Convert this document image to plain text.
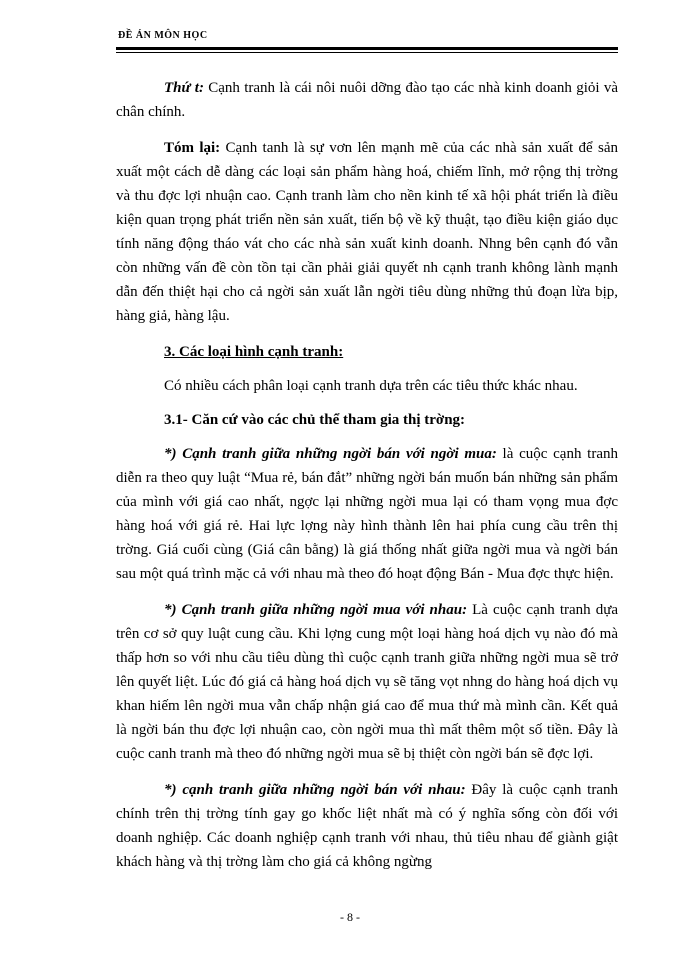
ĐỀ ÁN MÔN HỌC

Thứ t: Cạnh tranh là cái nôi nuôi dỡng đào tạo các nhà kinh doanh giỏi và chân chính.

Tóm lại: Cạnh tanh là sự vơn lên mạnh mẽ của các nhà sản xuất để sản xuất một cách dễ dàng các loại sản phẩm hàng hoá, chiếm lĩnh, mở rộng thị trờng và thu đợc lợi nhuận cao. Cạnh tranh làm cho nền kinh tế xã hội phát triển là điều kiện quan trọng phát triển nền sản xuất, tiến bộ về kỹ thuật, tạo điều kiện giáo dục tính năng động tháo vát cho các nhà sản xuất kinh doanh. Nhng bên cạnh đó vẫn còn những vấn đề còn tồn tại cần phải giải quyết nh cạnh tranh không lành mạnh dẫn đến thiệt hại cho cả ngời sản xuất lẫn ngời tiêu dùng những thủ đoạn lừa bịp, hàng giả, hàng lậu.

3. Các loại hình cạnh tranh:

Có nhiều cách phân loại cạnh tranh dựa trên các tiêu thức khác nhau.

3.1- Căn cứ vào các chủ thể tham gia thị trờng:

*) Cạnh tranh giữa những ngời bán với ngời mua: là cuộc cạnh tranh diễn ra theo quy luật “Mua rẻ, bán đắt” những ngời bán muốn bán những sản phẩm của mình với giá cao nhất, ngợc lại những ngời mua lại có tham vọng mua đợc hàng hoá với giá rẻ. Hai lực lợng này hình thành lên hai phía cung cầu trên thị trờng. Giá cuối cùng (Giá cân bằng) là giá thống nhất giữa ngời mua và ngời bán sau một quá trình mặc cả với nhau mà theo đó hoạt động Bán - Mua đợc thực hiện.

*) Cạnh tranh giữa những ngời mua với nhau: Là cuộc cạnh tranh dựa trên cơ sở quy luật cung cầu. Khi lợng cung một loại hàng hoá dịch vụ nào đó mà thấp hơn so với nhu cầu tiêu dùng thì cuộc cạnh tranh giữa những ngời mua sẽ trở lên quyết liệt. Lúc đó giá cả hàng hoá dịch vụ sẽ tăng vọt nhng do hàng hoá dịch vụ khan hiếm lên ngời mua vẫn chấp nhận giá cao để mua thứ mà mình cần. Kết quả là ngời bán thu đợc lợi nhuận cao, còn ngời mua thì mất thêm một số tiền. Đây là cuộc canh tranh mà theo đó những ngời mua sẽ bị thiệt còn ngời bán sẽ đợc lợi.

*) cạnh tranh giữa những ngời bán với nhau: Đây là cuộc cạnh tranh chính trên thị trờng tính gay go khốc liệt nhất mà có ý nghĩa sống còn đối với doanh nghiệp. Các doanh nghiệp cạnh tranh với nhau, thủ tiêu nhau để giành giật khách hàng và thị trờng làm cho giá cả không ngừng

- 8 -
